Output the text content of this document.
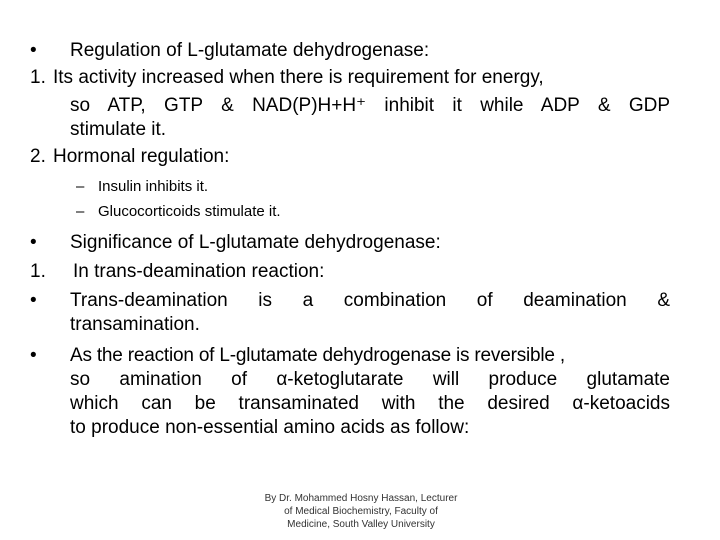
• Regulation of L-glutamate dehydrogenase:
1. Its activity increased when there is requirement for energy,
so ATP, GTP & NAD(P)H+H⁺ inhibit it while ADP & GDP
stimulate it.
2. Hormonal regulation:
– Insulin inhibits it.
– Glucocorticoids stimulate it.
• Significance of L-glutamate dehydrogenase:
1. In trans-deamination reaction:
• Trans-deamination is a combination of deamination &
transamination.
• As the reaction of L-glutamate dehydrogenase is reversible ,
so amination of α-ketoglutarate will produce glutamate
which can be transaminated with the desired α-ketoacids
to produce non-essential amino acids as follow:
By Dr. Mohammed Hosny Hassan, Lecturer
of Medical Biochemistry, Faculty of
Medicine, South Valley University
